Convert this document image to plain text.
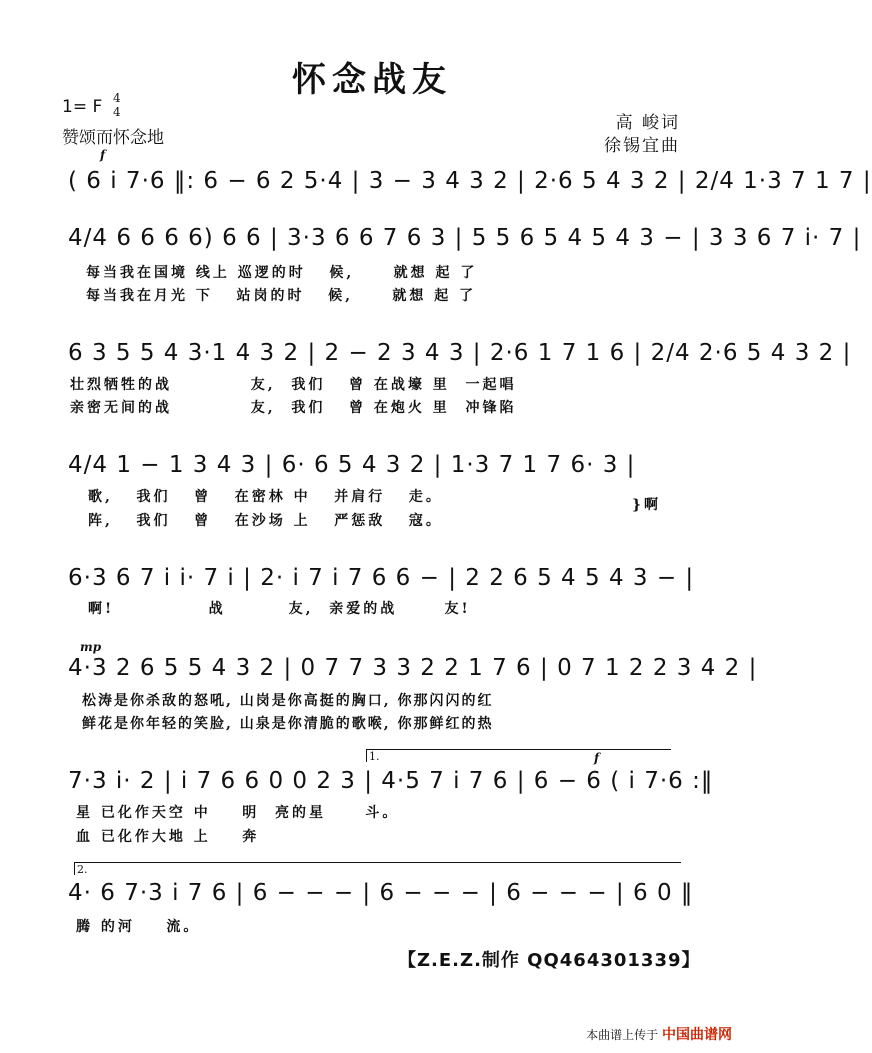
怀念战友
1= F 4
4
赞颂而怀念地
高 峻词
徐锡宜曲
f
( 6 i 7·6 ‖: 6 − 6 2 5·4 | 3 − 3 4 3 2 | 2·6 5 4 3 2 | 2/4 1·3 7 1 7 |
4/4 6 6 6 6) 6 6 | 3·3 6 6 7 6 3 | 5 5 6 5 4 5 4 3 − | 3 3 6 7 i· 7 |
每当我在国境 线上 巡逻的时   候,     就想 起 了
每当我在月光 下   站岗的时   候,     就想 起 了
6 3 5 5 4 3·1 4 3 2 | 2 − 2 3 4 3 | 2·6 1 7 1 6 | 2/4 2·6 5 4 3 2 |
壮烈牺牲的战          友,  我们   曾 在战壕 里  一起唱
亲密无间的战          友,  我们   曾 在炮火 里  冲锋陷
4/4 1 − 1 3 4 3 | 6· 6 5 4 3 2 | 1·3 7 1 7 6· 3 |
歌,   我们   曾   在密林 中   并肩行   走。
阵,   我们   曾   在沙场 上   严惩敌   寇。
}啊
6·3 6 7 i i· 7 i | 2· i 7 i 7 6 6 − | 2 2 6 5 4 5 4 3 − |
啊!            战        友,  亲爱的战      友!
mp
4·3 2 6 5 5 4 3 2 | 0 7 7 3 3 2 2 1 7 6 | 0 7 1 2 2 3 4 2 |
松涛是你杀敌的怒吼, 山岗是你高挺的胸口, 你那闪闪的红
鲜花是你年轻的笑脸, 山泉是你清脆的歌喉, 你那鲜红的热
1.	f
7·3 i· 2 | i 7 6 6 0 0 2 3 | 4·5 7 i 7 6 | 6 − 6 ( i 7·6 :‖
星 已化作天空 中    明  亮的星     斗。
血 已化作大地 上    奔
2.
4· 6 7·3 i 7 6 | 6 − − − | 6 − − − | 6 − − − | 6 0 ‖
腾 的河    流。
【Z.E.Z.制作 QQ464301339】
本曲谱上传于 中国曲谱网
